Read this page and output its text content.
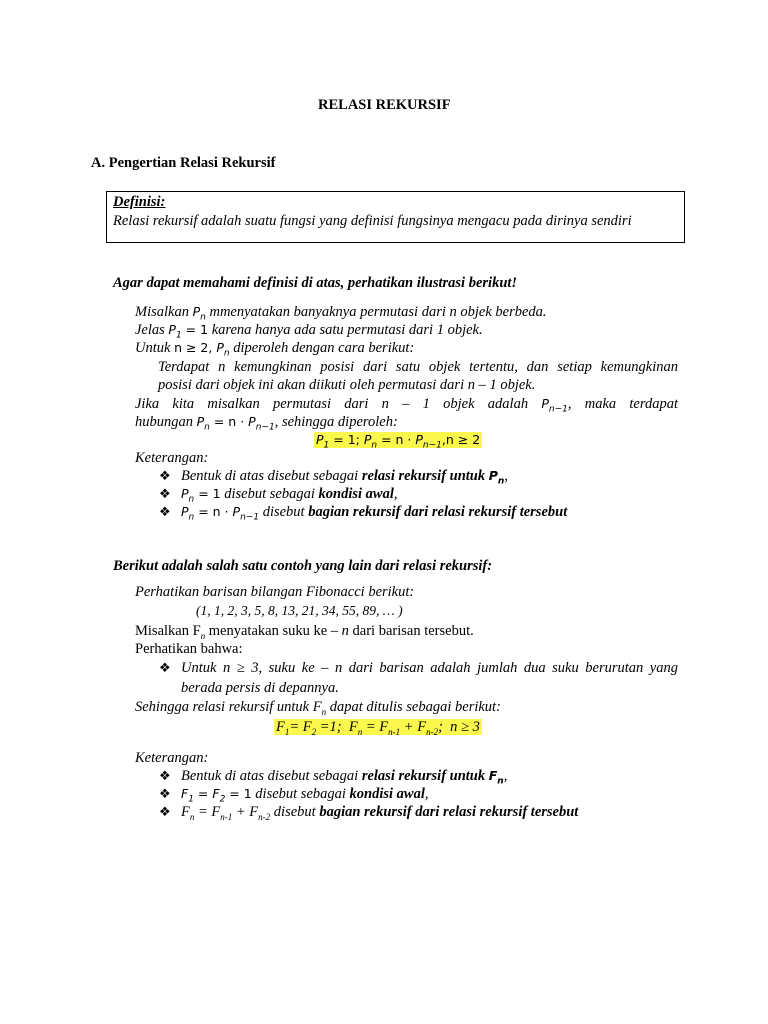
RELASI REKURSIF
A. Pengertian Relasi Rekursif
Definisi:
Relasi rekursif adalah suatu fungsi yang definisi fungsinya mengacu pada dirinya sendiri
Agar dapat memahami definisi di atas, perhatikan ilustrasi berikut!
Misalkan $P_n$ mmenyatakan banyaknya permutasi dari n objek berbeda.
Jelas $P_1 = 1$ karena hanya ada satu permutasi dari 1 objek.
Untuk n ≥ 2, $P_n$ diperoleh dengan cara berikut:
Terdapat n kemungkinan posisi dari satu objek tertentu, dan setiap kemungkinan
posisi dari objek ini akan diikuti oleh permutasi dari n – 1 objek.
Jika kita misalkan permutasi dari n – 1 objek adalah $P_{n-1}$, maka terdapat
hubungan $P_n = n \cdot P_{n-1}$, sehingga diperoleh:
$P_1 = 1$; $P_n = n \cdot P_{n-1},n \ge 2$
Keterangan:
❖ Bentuk di atas disebut sebagai relasi rekursif untuk $P_n$,
❖ $P_n = 1$ disebut sebagai kondisi awal,
❖ $P_n = n \cdot P_{n-1}$ disebut bagian rekursif dari relasi rekursif tersebut
Berikut adalah salah satu contoh yang lain dari relasi rekursif:
Perhatikan barisan bilangan Fibonacci berikut:
(1, 1, 2, 3, 5, 8, 13, 21, 34, 55, 89, … )
Misalkan $F_n$ menyatakan suku ke – n dari barisan tersebut.
Perhatikan bahwa:
❖ Untuk n ≥ 3, suku ke – n dari barisan adalah jumlah dua suku berurutan yang
berada persis di depannya.
Sehingga relasi rekursif untuk $F_n$ dapat ditulis sebagai berikut:
$F_1= F_2 =1$;  $F_n = F_{n-1} + F_{n-2}$;  n ≥ 3
Keterangan:
❖ Bentuk di atas disebut sebagai relasi rekursif untuk $F_n$,
❖ $F_1 = F_2 = 1$ disebut sebagai kondisi awal,
❖ $F_n = F_{n-1} + F_{n-2}$ disebut bagian rekursif dari relasi rekursif tersebut
